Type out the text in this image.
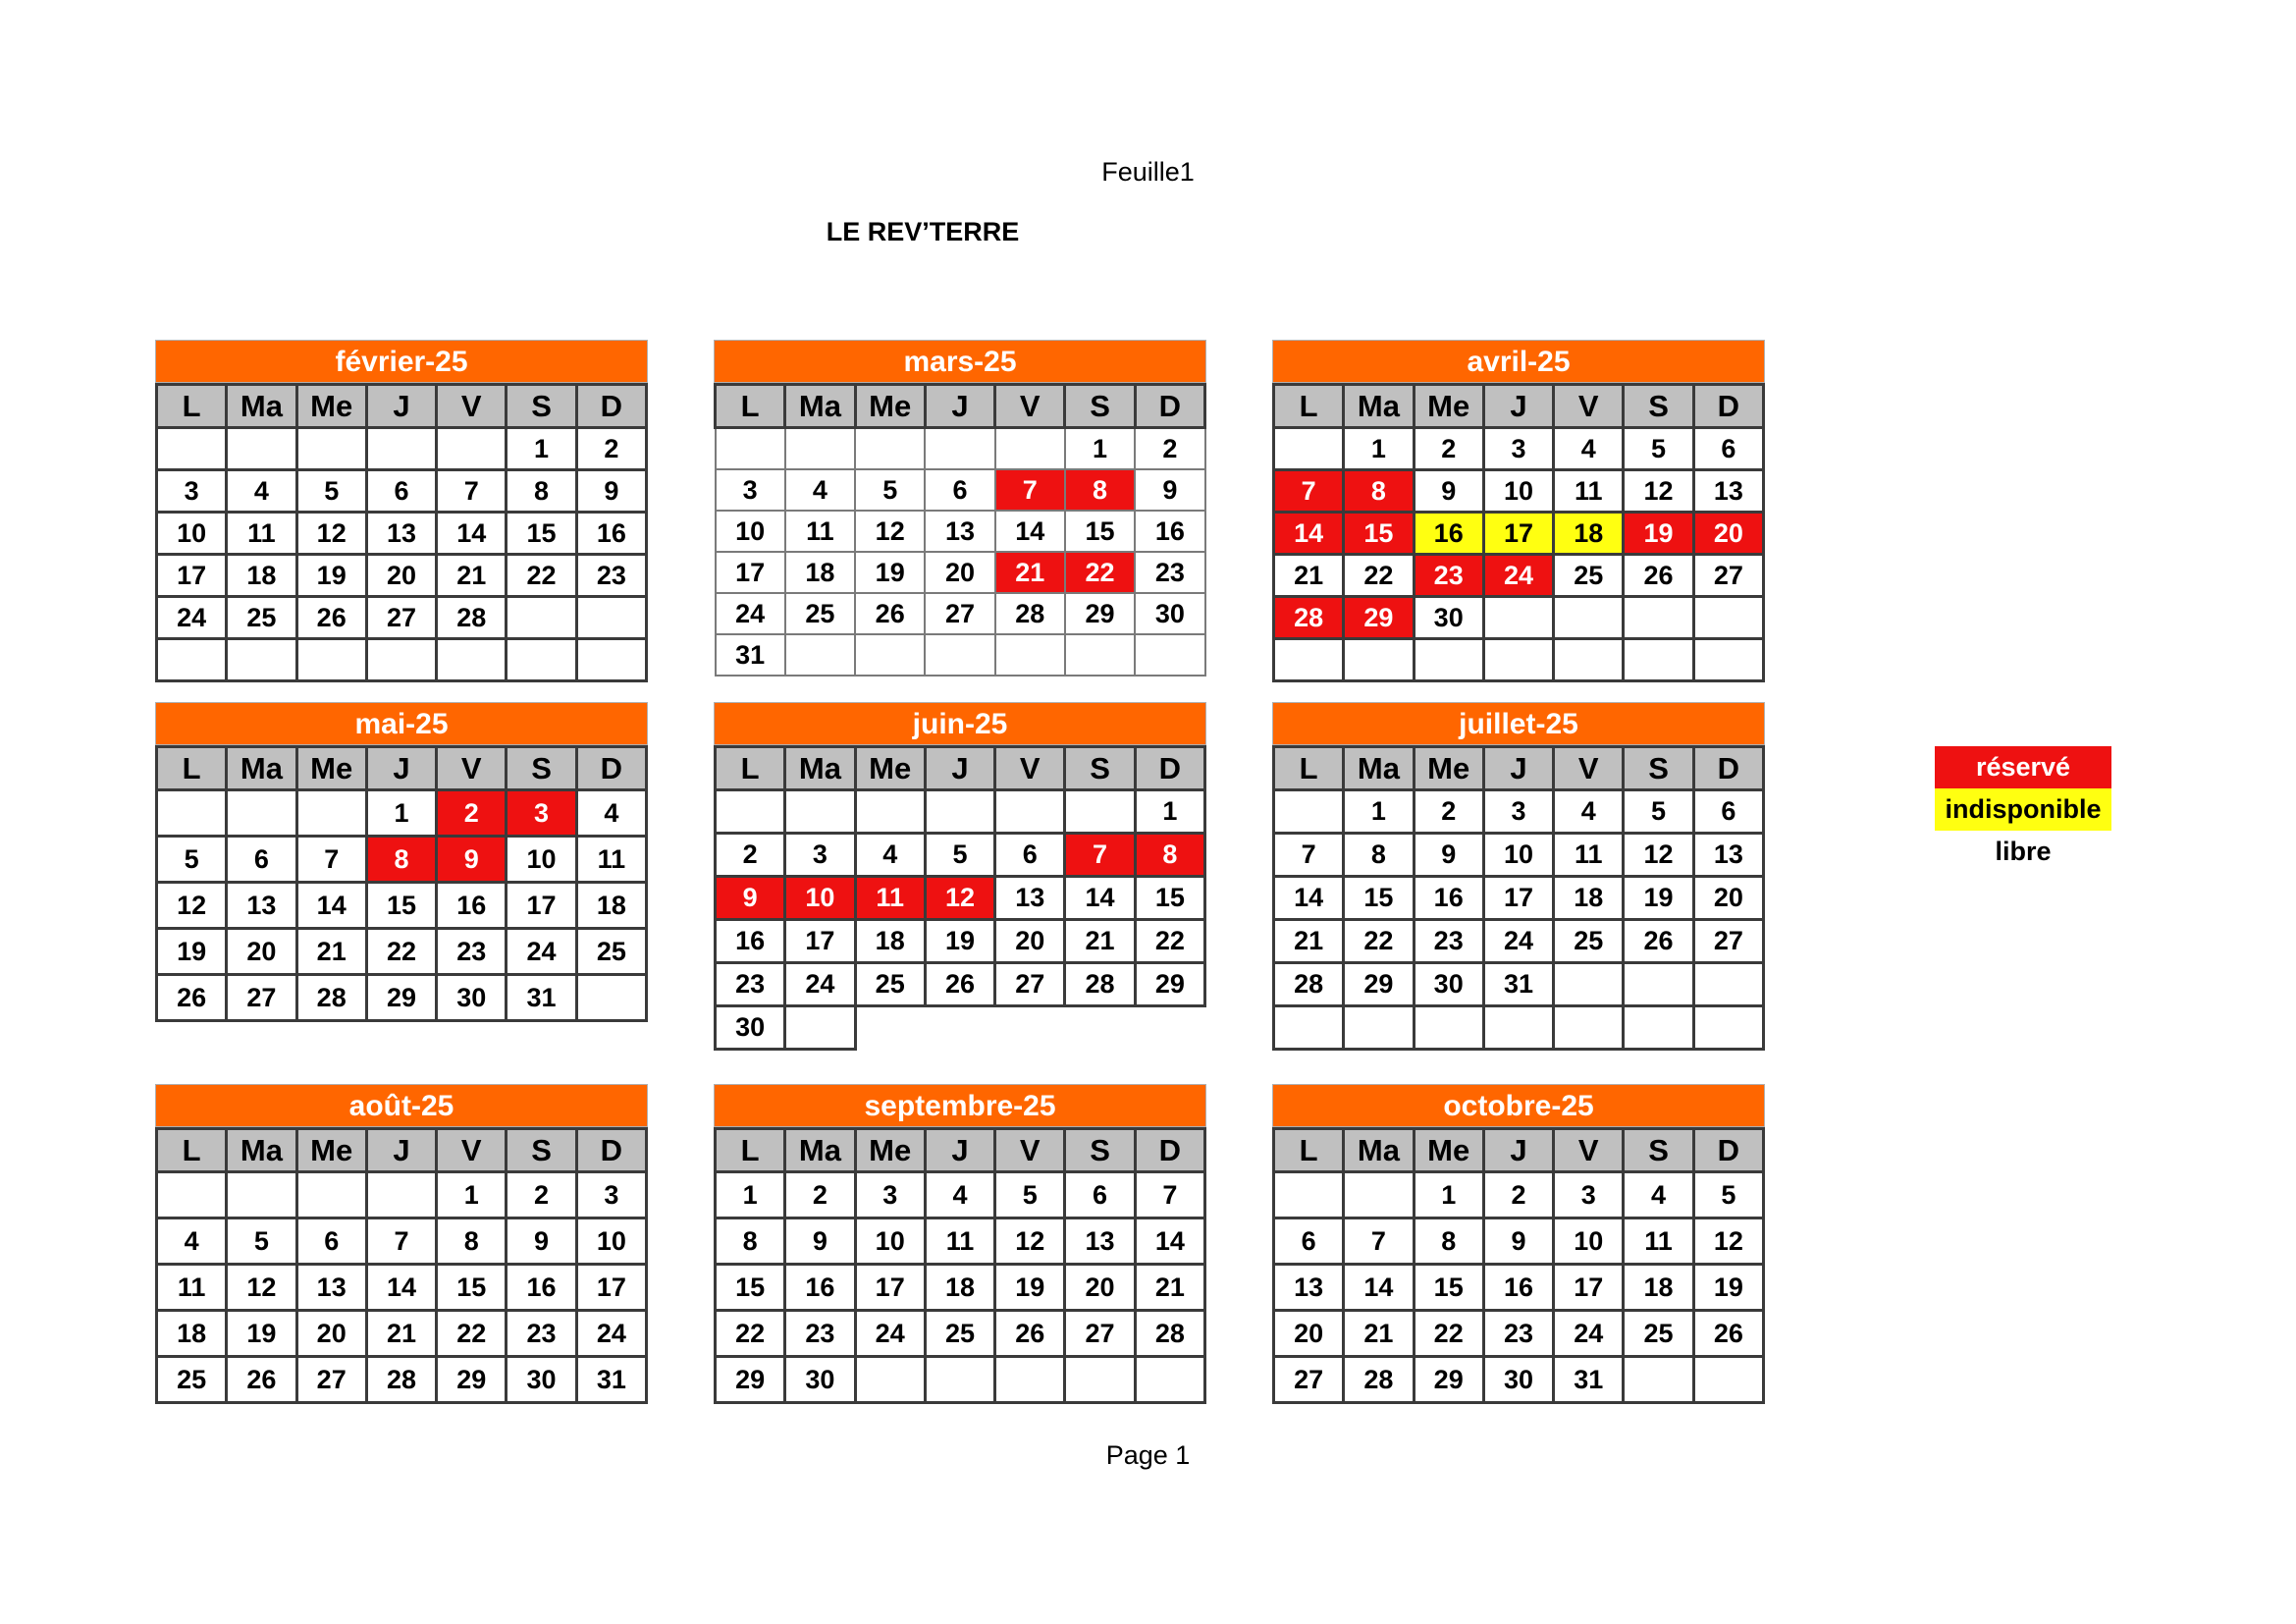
Feuille1
LE REV’TERRE
février-25
L	Ma	Me	J	V	S	D
					1	2
3	4	5	6	7	8	9
10	11	12	13	14	15	16
17	18	19	20	21	22	23
24	25	26	27	28		

mars-25
L	Ma	Me	J	V	S	D
					1	2
3	4	5	6	7	8	9
10	11	12	13	14	15	16
17	18	19	20	21	22	23
24	25	26	27	28	29	30
31						
avril-25
L	Ma	Me	J	V	S	D
	1	2	3	4	5	6
7	8	9	10	11	12	13
14	15	16	17	18	19	20
21	22	23	24	25	26	27
28	29	30				

mai-25
L	Ma	Me	J	V	S	D
			1	2	3	4
5	6	7	8	9	10	11
12	13	14	15	16	17	18
19	20	21	22	23	24	25
26	27	28	29	30	31	
juin-25
L	Ma	Me	J	V	S	D
						1
2	3	4	5	6	7	8
9	10	11	12	13	14	15
16	17	18	19	20	21	22
23	24	25	26	27	28	29
30						
juillet-25
L	Ma	Me	J	V	S	D
	1	2	3	4	5	6
7	8	9	10	11	12	13
14	15	16	17	18	19	20
21	22	23	24	25	26	27
28	29	30	31			

août-25
L	Ma	Me	J	V	S	D
				1	2	3
4	5	6	7	8	9	10
11	12	13	14	15	16	17
18	19	20	21	22	23	24
25	26	27	28	29	30	31
septembre-25
L	Ma	Me	J	V	S	D
1	2	3	4	5	6	7
8	9	10	11	12	13	14
15	16	17	18	19	20	21
22	23	24	25	26	27	28
29	30					
octobre-25
L	Ma	Me	J	V	S	D
		1	2	3	4	5
6	7	8	9	10	11	12
13	14	15	16	17	18	19
20	21	22	23	24	25	26
27	28	29	30	31		
réservé
indisponible
libre
Page 1
